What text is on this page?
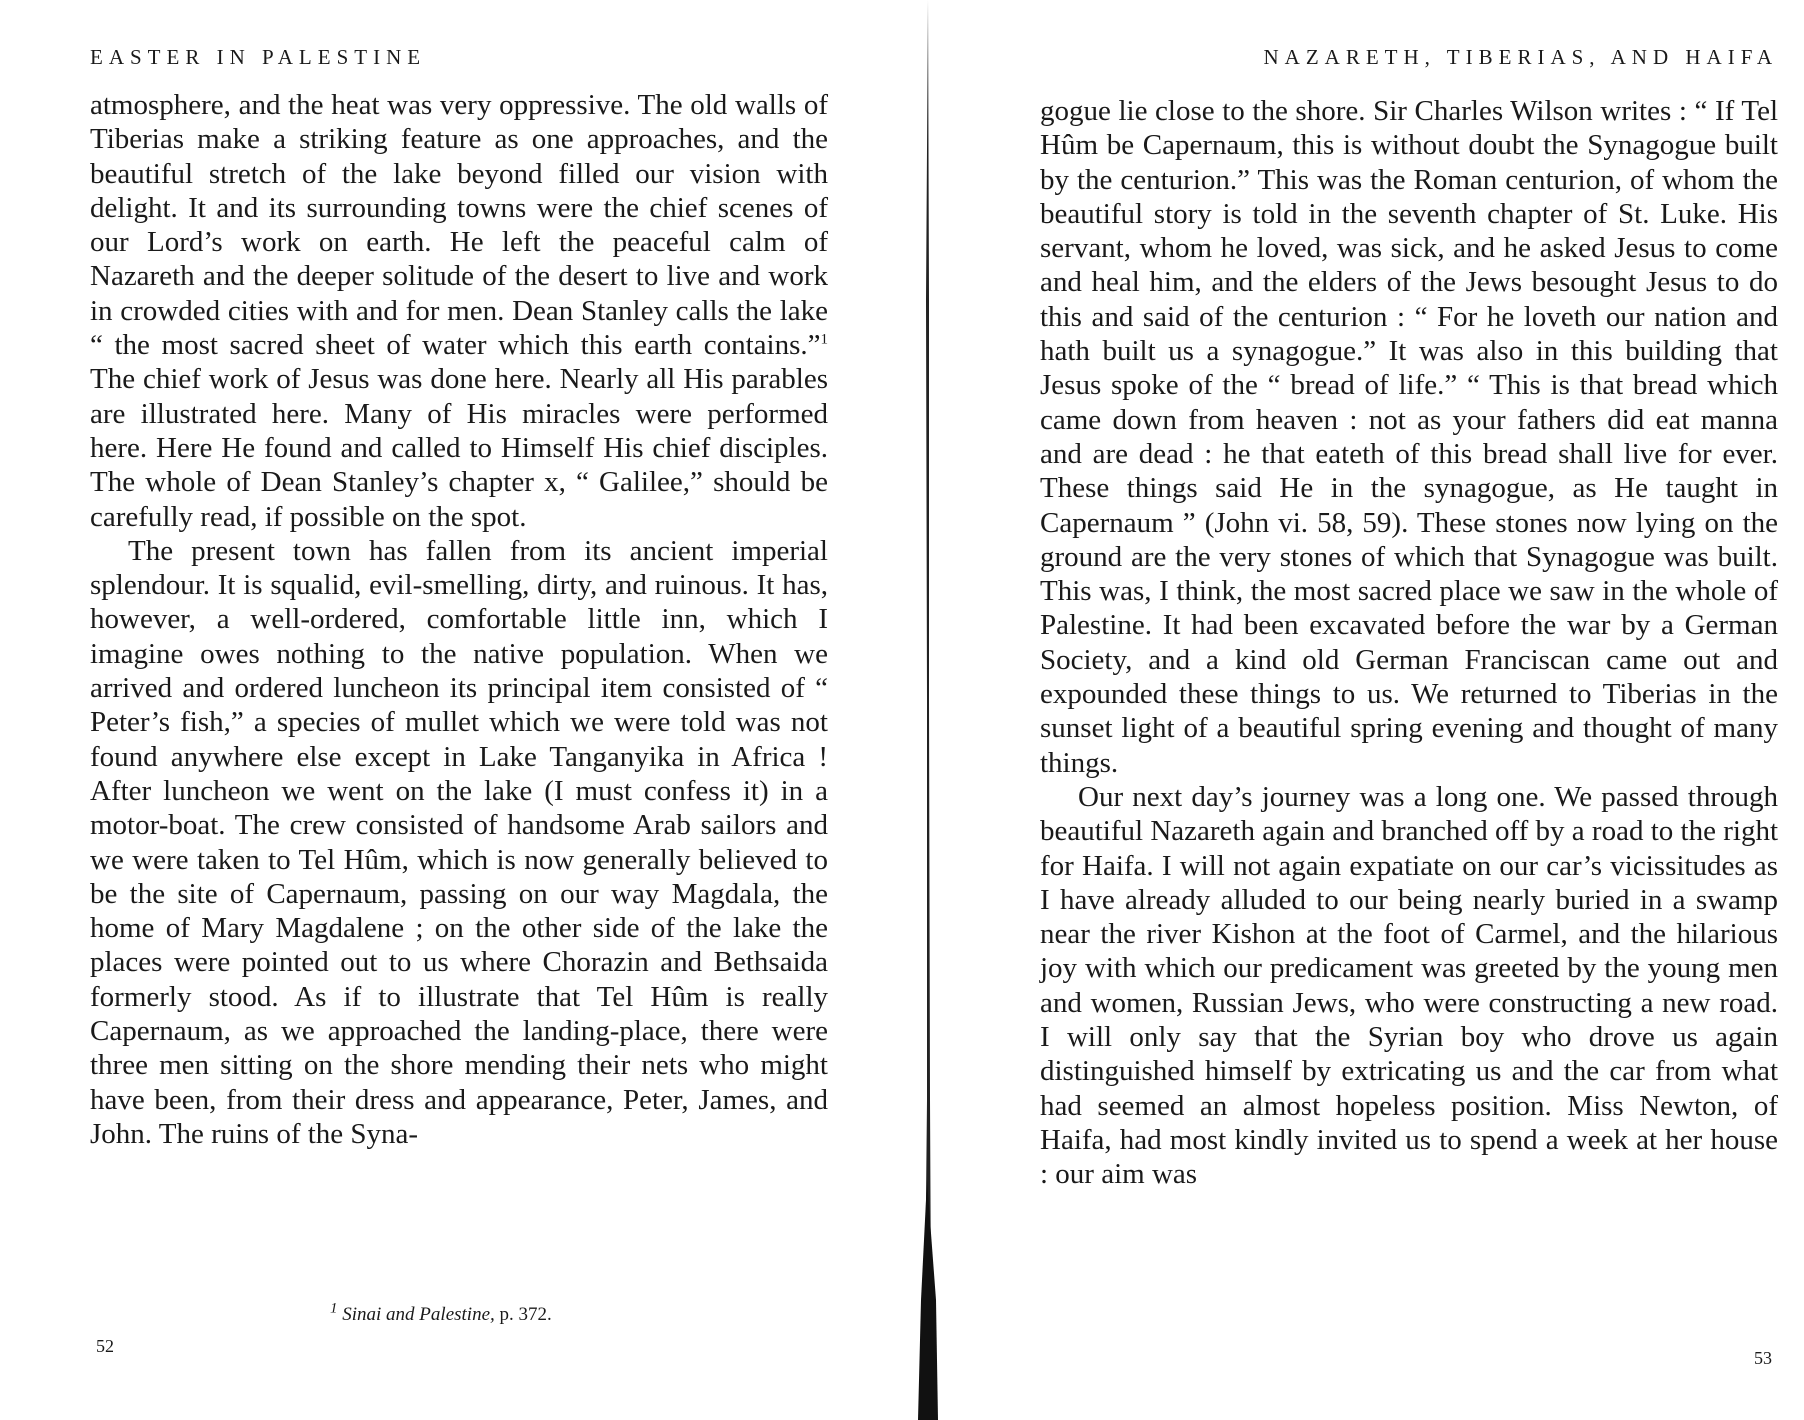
EASTER IN PALESTINE

atmosphere, and the heat was very oppressive. The old walls of Tiberias make a striking feature as one approaches, and the beautiful stretch of the lake beyond filled our vision with delight. It and its surrounding towns were the chief scenes of our Lord’s work on earth. He left the peaceful calm of Nazareth and the deeper solitude of the desert to live and work in crowded cities with and for men. Dean Stanley calls the lake “ the most sacred sheet of water which this earth contains.”$^1$ The chief work of Jesus was done here. Nearly all His parables are illustrated here. Many of His miracles were performed here. Here He found and called to Himself His chief disciples. The whole of Dean Stanley’s chapter x, “ Galilee,” should be carefully read, if possible on the spot.

The present town has fallen from its ancient imperial splendour. It is squalid, evil-smelling, dirty, and ruinous. It has, however, a well-ordered, comfortable little inn, which I imagine owes nothing to the native population. When we arrived and ordered luncheon its principal item consisted of “ Peter’s fish,” a species of mullet which we were told was not found anywhere else except in Lake Tanganyika in Africa ! After luncheon we went on the lake (I must confess it) in a motor-boat. The crew consisted of handsome Arab sailors and we were taken to Tel Hûm, which is now generally believed to be the site of Capernaum, passing on our way Magdala, the home of Mary Magdalene ; on the other side of the lake the places were pointed out to us where Chorazin and Bethsaida formerly stood. As if to illustrate that Tel Hûm is really Capernaum, as we approached the landing-place, there were three men sitting on the shore mending their nets who might have been, from their dress and appearance, Peter, James, and John. The ruins of the Syna-

$^1$ Sinai and Palestine, p. 372.
52
NAZARETH, TIBERIAS, AND HAIFA

gogue lie close to the shore. Sir Charles Wilson writes : “ If Tel Hûm be Capernaum, this is without doubt the Synagogue built by the centurion.” This was the Roman centurion, of whom the beautiful story is told in the seventh chapter of St. Luke. His servant, whom he loved, was sick, and he asked Jesus to come and heal him, and the elders of the Jews besought Jesus to do this and said of the centurion : “ For he loveth our nation and hath built us a synagogue.” It was also in this building that Jesus spoke of the “ bread of life.” “ This is that bread which came down from heaven : not as your fathers did eat manna and are dead : he that eateth of this bread shall live for ever. These things said He in the synagogue, as He taught in Capernaum ” (John vi. 58, 59). These stones now lying on the ground are the very stones of which that Synagogue was built. This was, I think, the most sacred place we saw in the whole of Palestine. It had been excavated before the war by a German Society, and a kind old German Franciscan came out and expounded these things to us. We returned to Tiberias in the sunset light of a beautiful spring evening and thought of many things.

Our next day’s journey was a long one. We passed through beautiful Nazareth again and branched off by a road to the right for Haifa. I will not again expatiate on our car’s vicissitudes as I have already alluded to our being nearly buried in a swamp near the river Kishon at the foot of Carmel, and the hilarious joy with which our predicament was greeted by the young men and women, Russian Jews, who were constructing a new road. I will only say that the Syrian boy who drove us again distinguished himself by extricating us and the car from what had seemed an almost hopeless position. Miss Newton, of Haifa, had most kindly invited us to spend a week at her house : our aim was

53
